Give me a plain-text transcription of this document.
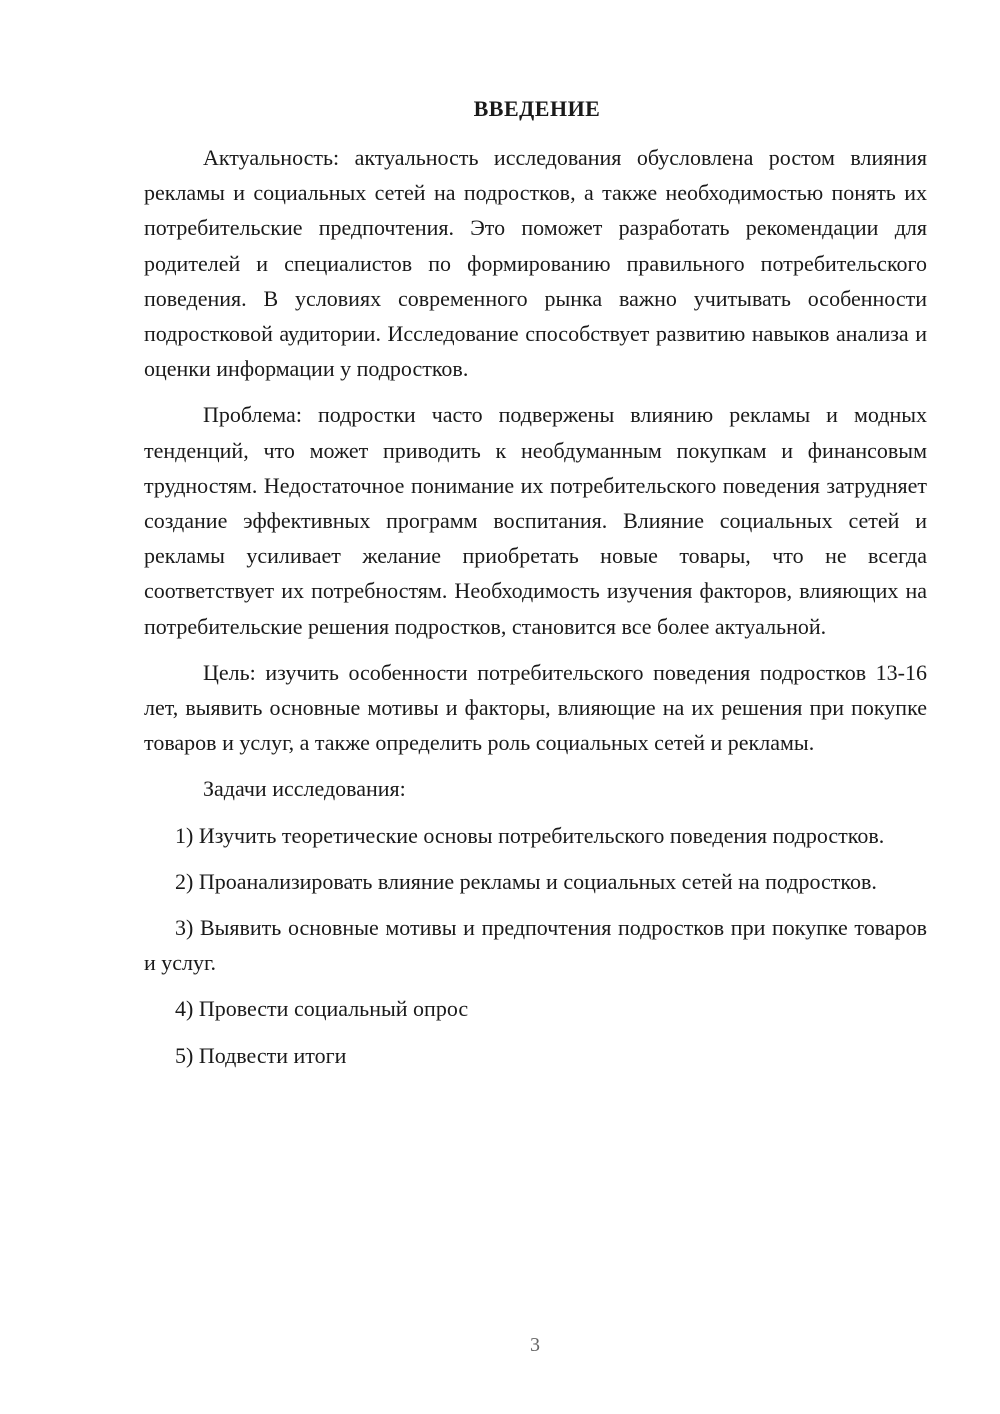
ВВЕДЕНИЕ

Актуальность: актуальность исследования обусловлена ростом влияния рекламы и социальных сетей на подростков, а также необходимостью понять их потребительские предпочтения. Это поможет разработать рекомендации для родителей и специалистов по формированию правильного потребительского поведения. В условиях современного рынка важно учитывать особенности подростковой аудитории. Исследование способствует развитию навыков анализа и оценки информации у подростков.

Проблема: подростки часто подвержены влиянию рекламы и модных тенденций, что может приводить к необдуманным покупкам и финансовым трудностям. Недостаточное понимание их потребительского поведения затрудняет создание эффективных программ воспитания. Влияние социальных сетей и рекламы усиливает желание приобретать новые товары, что не всегда соответствует их потребностям. Необходимость изучения факторов, влияющих на потребительские решения подростков, становится все более актуальной.

Цель: изучить особенности потребительского поведения подростков 13-16 лет, выявить основные мотивы и факторы, влияющие на их решения при покупке товаров и услуг, а также определить роль социальных сетей и рекламы.

Задачи исследования:

1) Изучить теоретические основы потребительского поведения подростков.

2) Проанализировать влияние рекламы и социальных сетей на подростков.

3) Выявить основные мотивы и предпочтения подростков при покупке товаров и услуг.

4) Провести социальный опрос

5) Подвести итоги

3
